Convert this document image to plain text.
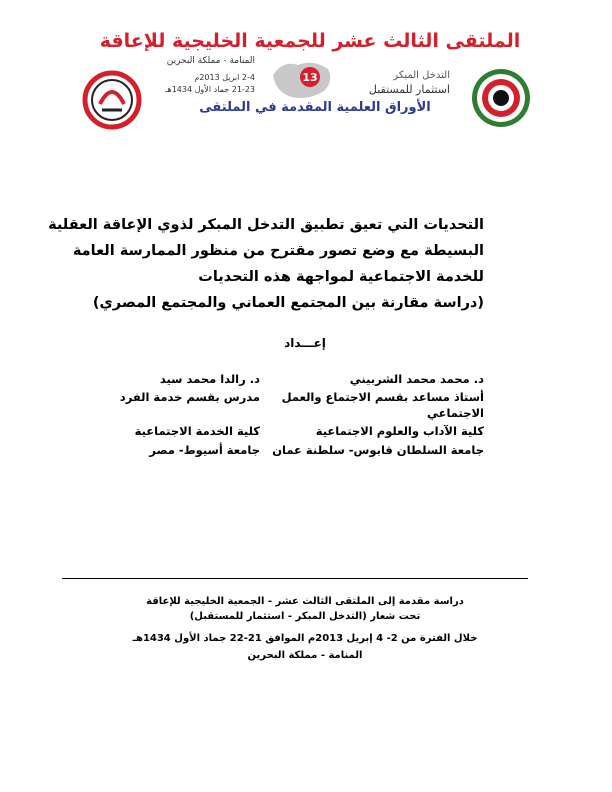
الملتقى الثالث عشر للجمعية الخليجية للإعاقة
المنامة - مملكة البحرين
2-4 ابريل 2013م
21-23 جماد الأول 1434هـ
13	التدخل المبكر
استثمار للمستقبل
الأوراق العلمية المقدمة في الملتقى
التحديات التي تعيق تطبيق التدخل المبكر لذوي الإعاقة العقلية
البسيطة مع وضع تصور مقترح من منظور الممارسة العامة
للخدمة الاجتماعية لمواجهة هذه التحديات
(دراسة مقارنة بين المجتمع العماني والمجتمع المصري)
إعـــداد
د. محمد محمد الشربيني
أستاذ مساعد بقسم الاجتماع والعمل
الاجتماعي
كلية الآداب والعلوم الاجتماعية
جامعة السلطان قابوس- سلطنة عمان
د. رالدا محمد سيد
مدرس بقسم خدمة الفرد
كلية الخدمة الاجتماعية
جامعة أسيوط- مصر
دراسة مقدمة إلى الملتقى الثالث عشر - الجمعية الخليجية للإعاقة
تحت شعار (التدخل المبكر - استثمار للمستقبل)
خلال الفترة من 2- 4 إبريل 2013م الموافق 21-22 جماد الأول 1434هـ
المنامة - مملكة البحرين
